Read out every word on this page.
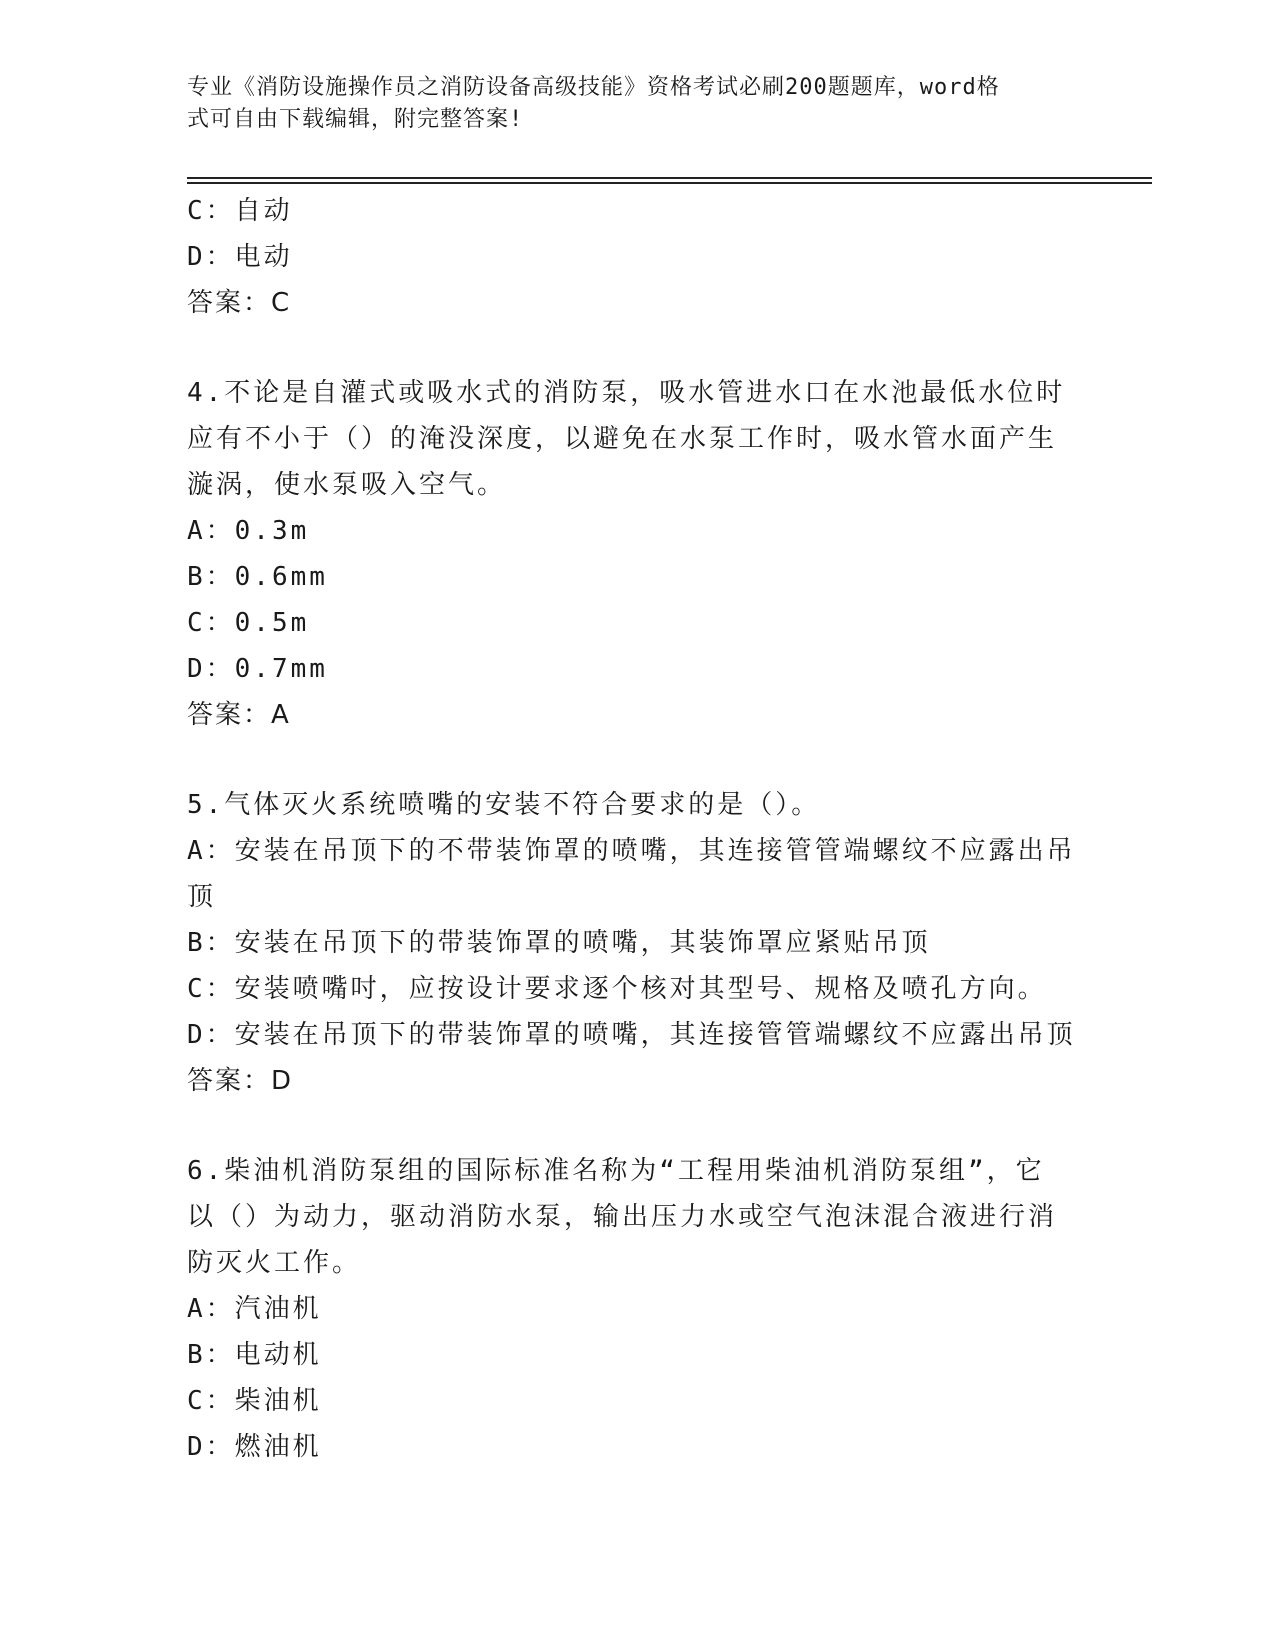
专业《消防设施操作员之消防设备高级技能》资格考试必刷200题题库，word格
式可自由下载编辑，附完整答案!
C：自动
D：电动
答案：C
4.不论是自灌式或吸水式的消防泵，吸水管进水口在水池最低水位时
应有不小于（）的淹没深度，以避免在水泵工作时，吸水管水面产生
漩涡，使水泵吸入空气。
A：0.3m
B：0.6mm
C：0.5m
D：0.7mm
答案：A
5.气体灭火系统喷嘴的安装不符合要求的是（）。
A：安装在吊顶下的不带装饰罩的喷嘴，其连接管管端螺纹不应露出吊
顶
B：安装在吊顶下的带装饰罩的喷嘴，其装饰罩应紧贴吊顶
C：安装喷嘴吋，应按设计要求逐个核对其型号、规格及喷孔方向。
D：安装在吊顶下的带装饰罩的喷嘴，其连接管管端螺纹不应露出吊顶
答案：D
6.柴油机消防泵组的国际标准名称为“工程用柴油机消防泵组”，它
以（）为动力，驱动消防水泵，输出压力水或空气泡沫混合液进行消
防灭火工作。
A：汽油机
B：电动机
C：柴油机
D：燃油机
